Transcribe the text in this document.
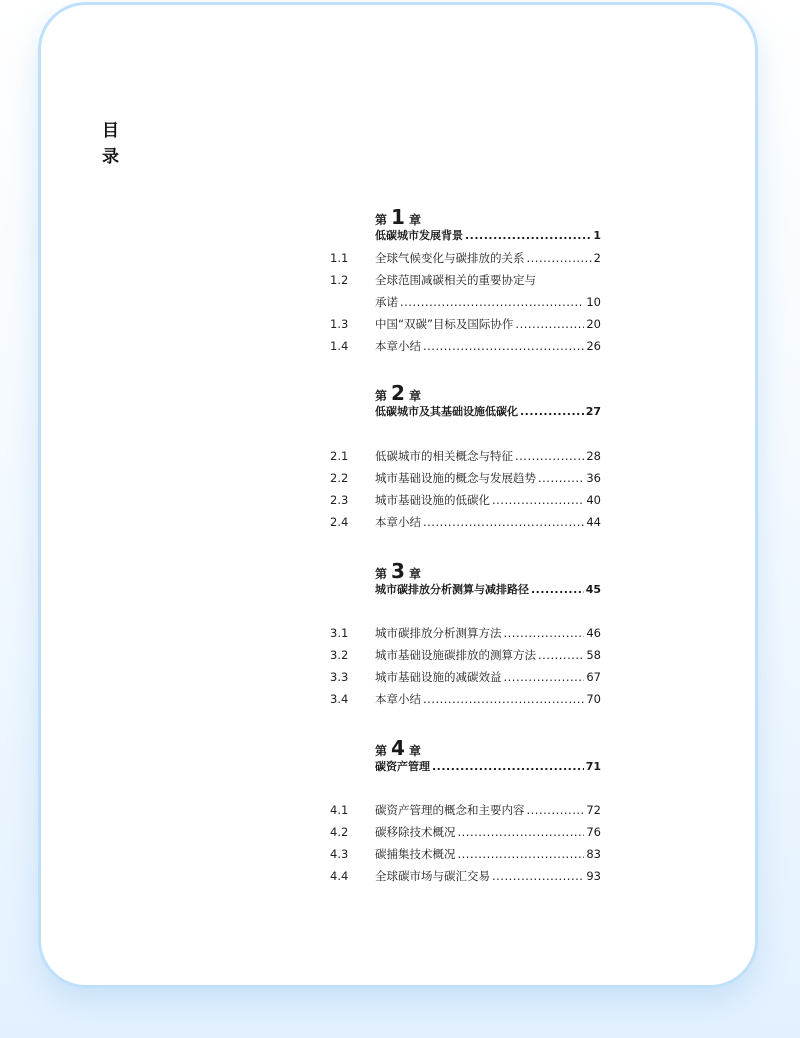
目录
第 1 章
低碳城市发展背景 .....	1
1.1 全球气候变化与碳排放的关系 .....	2
1.2 全球范围减碳相关的重要协定与
承诺 .....	10
1.3 中国“双碳”目标及国际协作 .....	20
1.4 本章小结 .....	26
第 2 章
低碳城市及其基础设施低碳化 .....	27
2.1 低碳城市的相关概念与特征 .....	28
2.2 城市基础设施的概念与发展趋势 .....	36
2.3 城市基础设施的低碳化 .....	40
2.4 本章小结 .....	44
第 3 章
城市碳排放分析测算与减排路径 .....	45
3.1 城市碳排放分析测算方法 .....	46
3.2 城市基础设施碳排放的测算方法 .....	58
3.3 城市基础设施的减碳效益 .....	67
3.4 本章小结 .....	70
第 4 章
碳资产管理 .....	71
4.1 碳资产管理的概念和主要内容 .....	72
4.2 碳移除技术概况 .....	76
4.3 碳捕集技术概况 .....	83
4.4 全球碳市场与碳汇交易 .....	93
